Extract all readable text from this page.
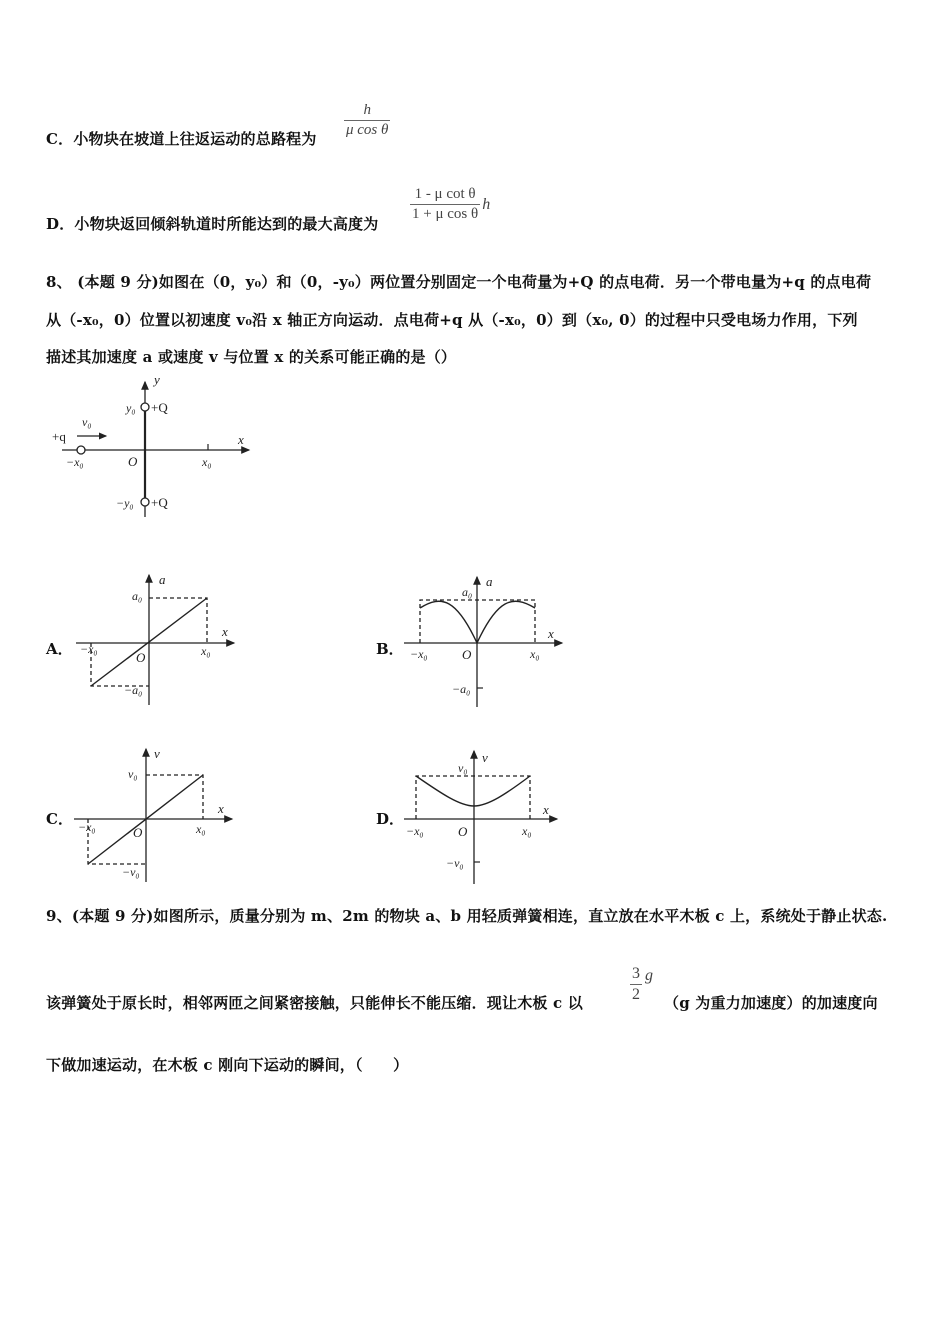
C．小物块在坡道上往返运动的总路程为 $\frac{h}{\text{μ cos θ}}$
D．小物块返回倾斜轨道时所能达到的最大高度为
$\frac{\text{1 - μ cot θ}}{\text{1 + μ cos θ}}$ h
8、 (本题 9 分)如图在（0，y₀）和（0，-y₀）两位置分别固定一个电荷量为+Q 的点电荷．另一个带电量为+q 的点电荷
从（-x₀，0）位置以初速度 v₀沿 x 轴正方向运动．点电荷+q 从（-x₀，0）到（x₀, 0）的过程中只受电场力作用，下列
描述其加速度 a 或速度 v 与位置 x 的关系可能正确的是（）
y
x
O
y₀ +Q
−y₀ +Q
+q
v₀
−x₀	x₀
A．
a
x
O
a₀
−a₀
−x₀	x₀	B．
a
x
O
a₀
−a₀
−x₀	x₀
C．
v
x
O
v₀
−v₀
−x₀	x₀
D．
v
x
O
v₀
−v₀
−x₀	x₀
9、(本题 9 分)如图所示，质量分别为 m、2m 的物块 a、b 用轻质弹簧相连，直立放在水平木板 c 上，系统处于静止状态.
该弹簧处于原长时，相邻两匝之间紧密接触，只能伸长不能压缩．现让木板 c 以	$\frac{3}{2}$ g
（g 为重力加速度）的加速度向
下做加速运动，在木板 c 刚向下运动的瞬间，（　　）
